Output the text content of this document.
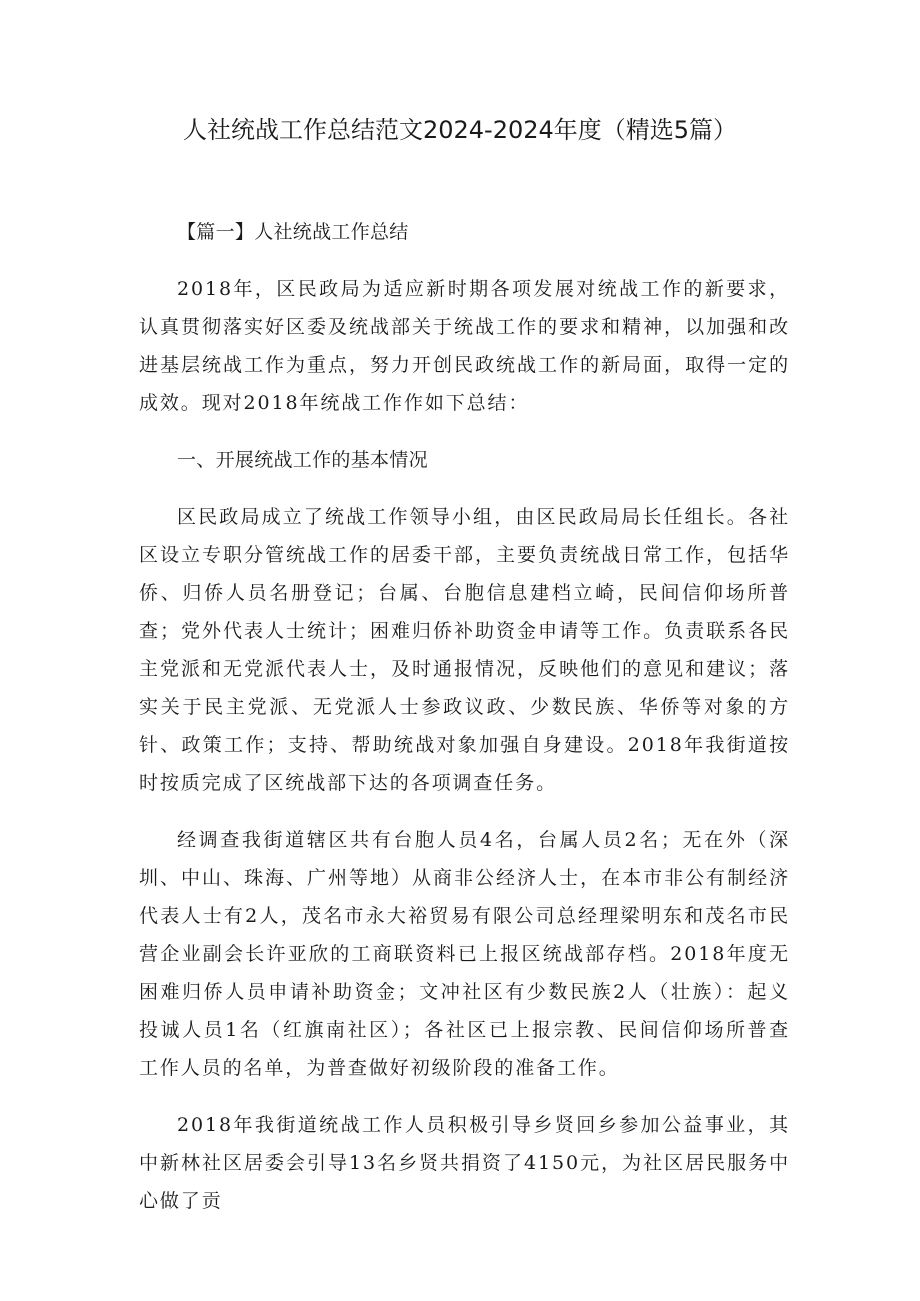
人社统战工作总结范文2024-2024年度（精选5篇）

【篇一】人社统战工作总结

2018年，区民政局为适应新时期各项发展对统战工作的新要求，认真贯彻落实好区委及统战部关于统战工作的要求和精神，以加强和改进基层统战工作为重点，努力开创民政统战工作的新局面，取得一定的成效。现对2018年统战工作作如下总结：

一、开展统战工作的基本情况

区民政局成立了统战工作领导小组，由区民政局局长任组长。各社区设立专职分管统战工作的居委干部，主要负责统战日常工作，包括华侨、归侨人员名册登记；台属、台胞信息建档立崎，民间信仰场所普查；党外代表人士统计；困难归侨补助资金申请等工作。负责联系各民主党派和无党派代表人士，及时通报情况，反映他们的意见和建议；落实关于民主党派、无党派人士参政议政、少数民族、华侨等对象的方针、政策工作；支持、帮助统战对象加强自身建设。2018年我街道按时按质完成了区统战部下达的各项调查任务。

经调查我街道辖区共有台胞人员4名，台属人员2名；无在外（深圳、中山、珠海、广州等地）从商非公经济人士，在本市非公有制经济代表人士有2人，茂名市永大裕贸易有限公司总经理梁明东和茂名市民营企业副会长许亚欣的工商联资料已上报区统战部存档。2018年度无困难归侨人员申请补助资金；文冲社区有少数民族2人（壮族）：起义投诚人员1名（红旗南社区）；各社区已上报宗教、民间信仰场所普查工作人员的名单，为普查做好初级阶段的准备工作。

2018年我街道统战工作人员积极引导乡贤回乡参加公益事业，其中新林社区居委会引导13名乡贤共捐资了4150元，为社区居民服务中心做了贡
